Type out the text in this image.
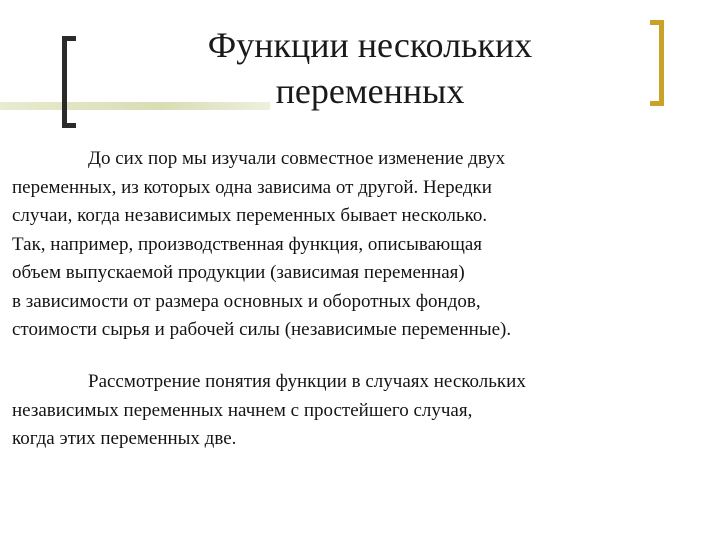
Функции нескольких
переменных
До сих пор мы изучали совместное изменение двух
переменных, из которых одна зависима от другой. Нередки
случаи, когда независимых переменных бывает несколько.
Так, например, производственная функция, описывающая
объем выпускаемой продукции (зависимая переменная)
в зависимости от размера основных и оборотных фондов,
стоимости сырья и рабочей силы (независимые переменные).
Рассмотрение понятия функции в случаях нескольких
независимых переменных начнем с простейшего случая,
когда этих переменных две.
